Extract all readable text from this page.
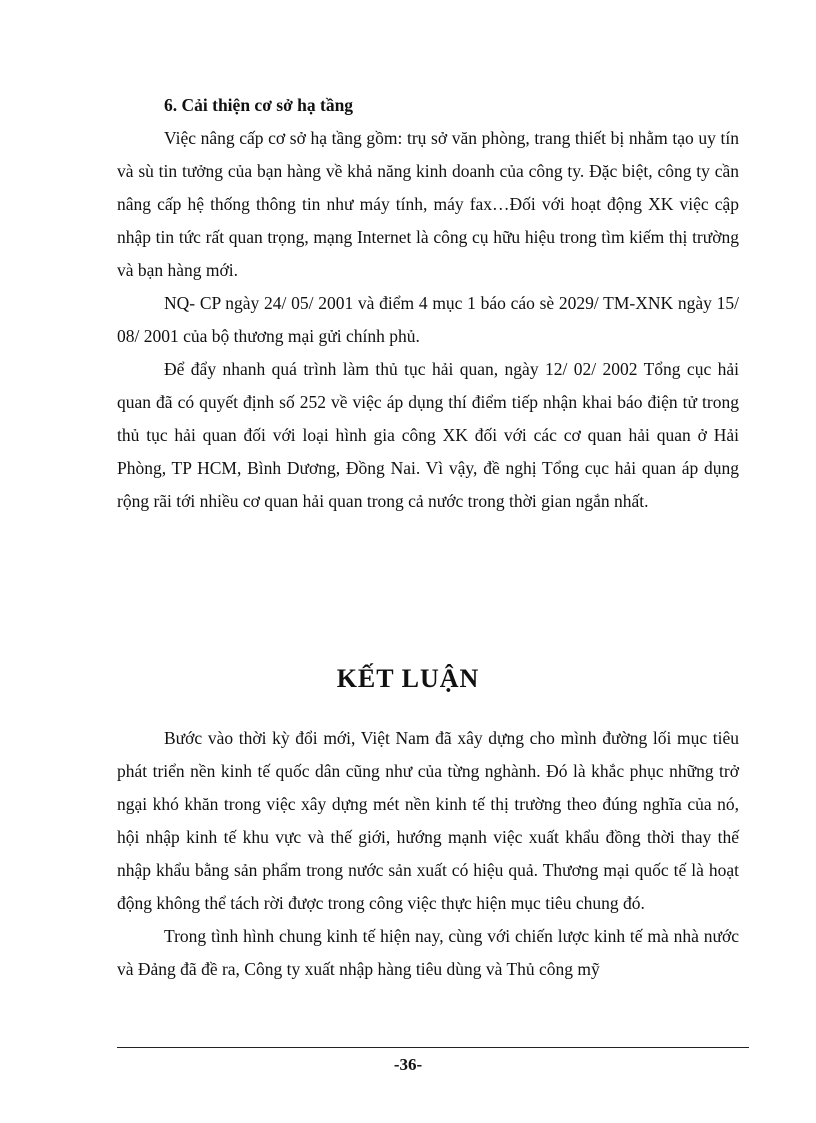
6. Cải thiện cơ sở hạ tầng

Việc nâng cấp cơ sở hạ tầng gồm: trụ sở văn phòng, trang thiết bị nhằm tạo uy tín và sù tin tưởng của bạn hàng về khả năng kinh doanh của công ty. Đặc biệt, công ty cần nâng cấp hệ thống thông tin như máy tính, máy fax…Đối với hoạt động XK việc cập nhập tin tức rất quan trọng, mạng Internet là công cụ hữu hiệu trong tìm kiếm thị trường và bạn hàng mới.

NQ- CP ngày 24/ 05/ 2001 và điểm 4 mục 1 báo cáo sè 2029/ TM-XNK ngày 15/ 08/ 2001 của bộ thương mại gửi chính phủ.

Để đẩy nhanh quá trình làm thủ tục hải quan, ngày 12/ 02/ 2002 Tổng cục hải quan đã có quyết định số 252 về việc áp dụng thí điểm tiếp nhận khai báo điện tử trong thủ tục hải quan đối với loại hình gia công XK đối với các cơ quan hải quan ở Hải Phòng, TP HCM, Bình Dương, Đồng Nai. Vì vậy, đề nghị Tổng cục hải quan áp dụng rộng rãi tới nhiều cơ quan hải quan trong cả nước trong thời gian ngắn nhất.

KẾT LUẬN

Bước vào thời kỳ đổi mới, Việt Nam đã xây dựng cho mình đường lối mục tiêu phát triển nền kinh tế quốc dân cũng như của từng nghành. Đó là khắc phục những trở ngại khó khăn trong việc xây dựng mét nền kinh tế thị trường theo đúng nghĩa của nó, hội nhập kinh tế khu vực và thế giới, hướng mạnh việc xuất khẩu đồng thời thay thế nhập khẩu bằng sản phẩm trong nước sản xuất có hiệu quả. Thương mại quốc tế là hoạt động không thể tách rời được trong công việc thực hiện mục tiêu chung đó.

Trong tình hình chung kinh tế hiện nay, cùng với chiến lược kinh tế mà nhà nước và Đảng đã đề ra, Công ty xuất nhập hàng tiêu dùng và Thủ công mỹ

-36-
